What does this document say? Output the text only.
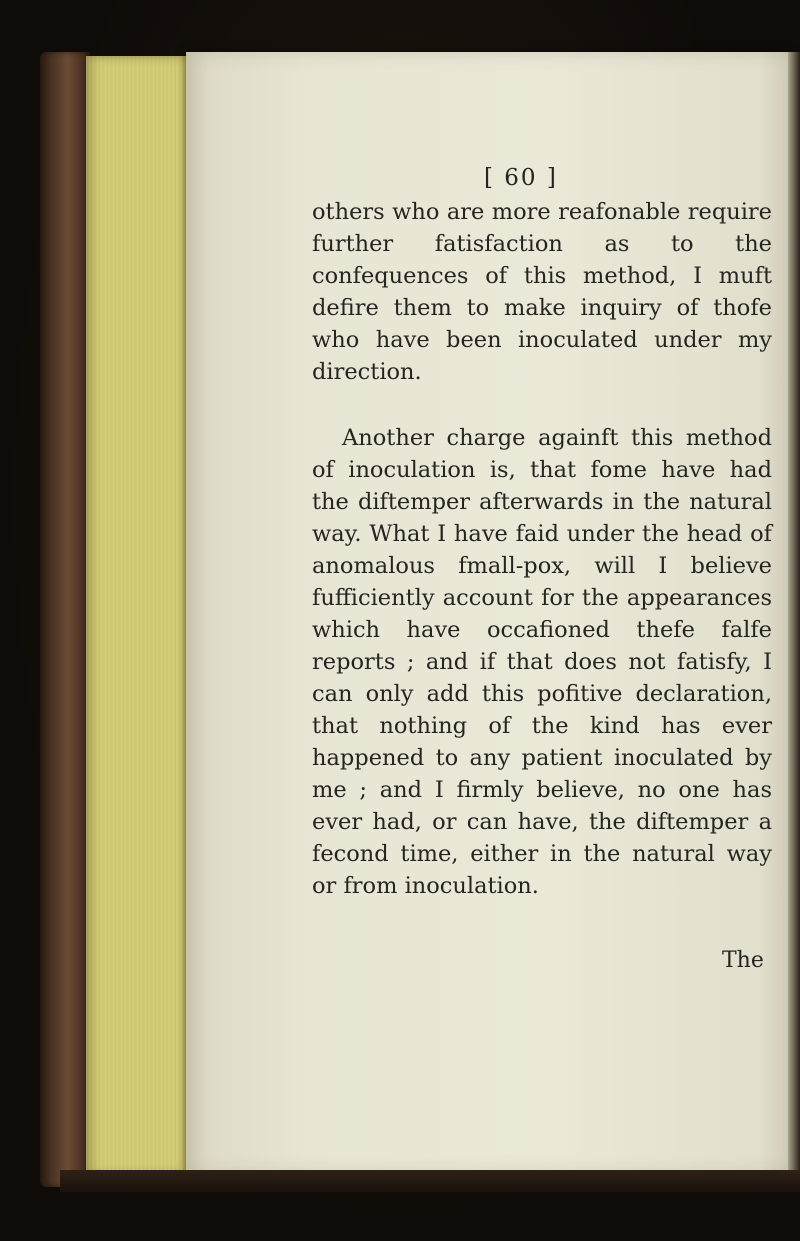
[ 60 ]

others who are more reafonable require further fatisfaction as to the confequences of this method, I muft defire them to make inquiry of thofe who have been inoculated under my direction.

Another charge againft this method of inoculation is, that fome have had the diftemper afterwards in the natural way. What I have faid under the head of anomalous fmall-pox, will I believe fufficiently account for the appearances which have occafioned thefe falfe reports ; and if that does not fatisfy, I can only add this pofitive declaration, that nothing of the kind has ever happened to any patient inoculated by me ; and I firmly believe, no one has ever had, or can have, the diftemper a fecond time, either in the natural way or from inoculation.

The
